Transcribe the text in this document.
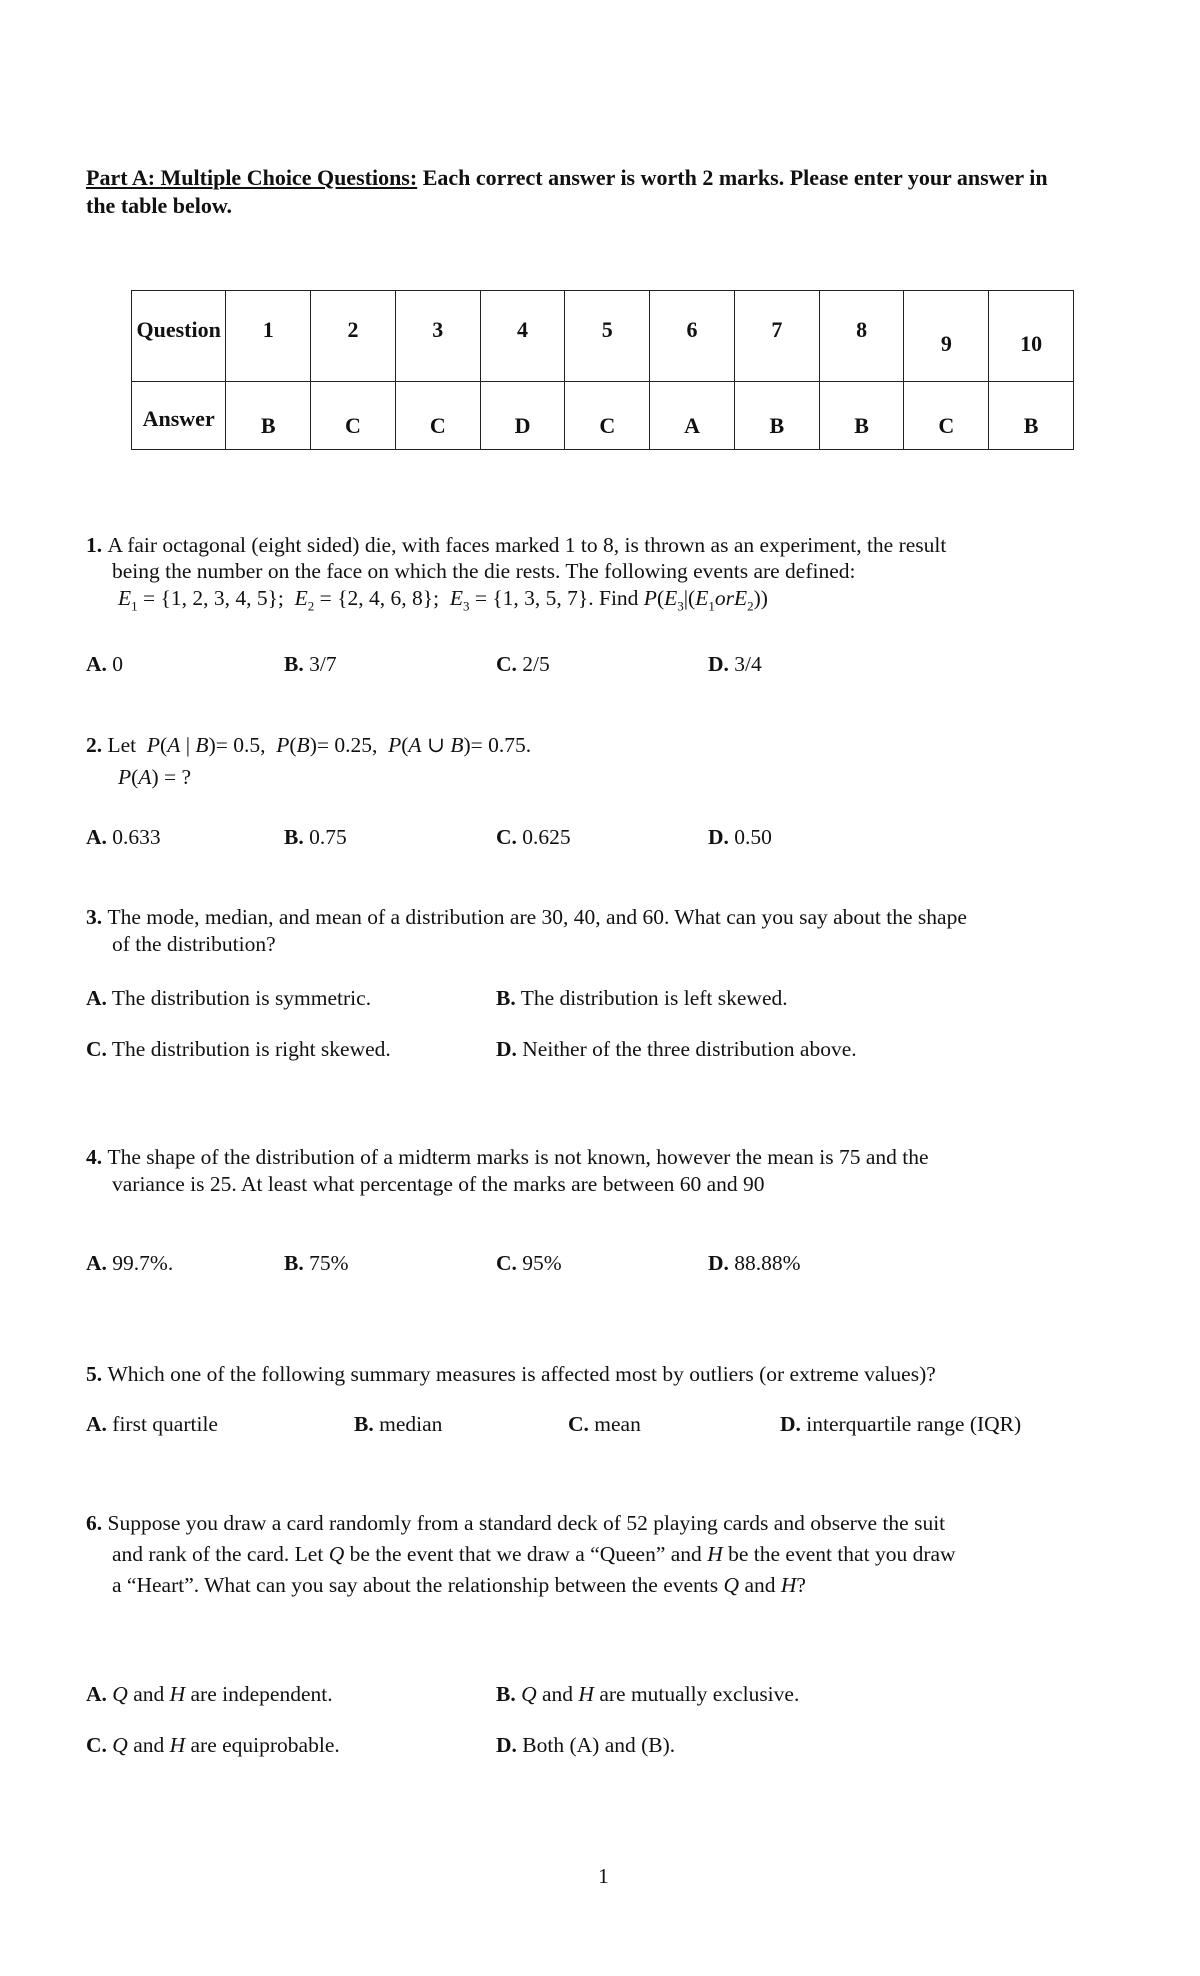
Part A: Multiple Choice Questions: Each correct answer is worth 2 marks. Please enter your answer in the table below.
Question	1	2	3	4	5	6	7	8	9	10
Answer	B	C	C	D	C	A	B	B	C	B
1. A fair octagonal (eight sided) die, with faces marked 1 to 8, is thrown as an experiment, the result
being the number on the face on which the die rests. The following events are defined:
$E_1 = \{1$, 2, 3, 4, 5};  $E_2 = \{2$, 4, 6, 8};  $E_3 = \{1$, 3, 5, 7}. Find $P(E_3|(E_1orE_2))$
A. 0	B. 3/7	C. 2/5	D. 3/4
2. Let P(A | B)= 0.5, P(B)= 0.25, P(A ∪ B)= 0.75.
P(A) = ?
A. 0.633	B. 0.75	C. 0.625	D. 0.50
3. The mode, median, and mean of a distribution are 30, 40, and 60. What can you say about the shape
of the distribution?
A. The distribution is symmetric.	B. The distribution is left skewed.
C. The distribution is right skewed.	D. Neither of the three distribution above.
4. The shape of the distribution of a midterm marks is not known, however the mean is 75 and the
variance is 25. At least what percentage of the marks are between 60 and 90
A. 99.7%.	B. 75%	C. 95%	D. 88.88%
5. Which one of the following summary measures is affected most by outliers (or extreme values)?
A. first quartile	B. median	C. mean	D. interquartile range (IQR)
6. Suppose you draw a card randomly from a standard deck of 52 playing cards and observe the suit
and rank of the card. Let Q be the event that we draw a “Queen” and H be the event that you draw
a “Heart”. What can you say about the relationship between the events Q and H?
A. Q and H are independent.	B. Q and H are mutually exclusive.
C. Q and H are equiprobable.	D. Both (A) and (B).
1
